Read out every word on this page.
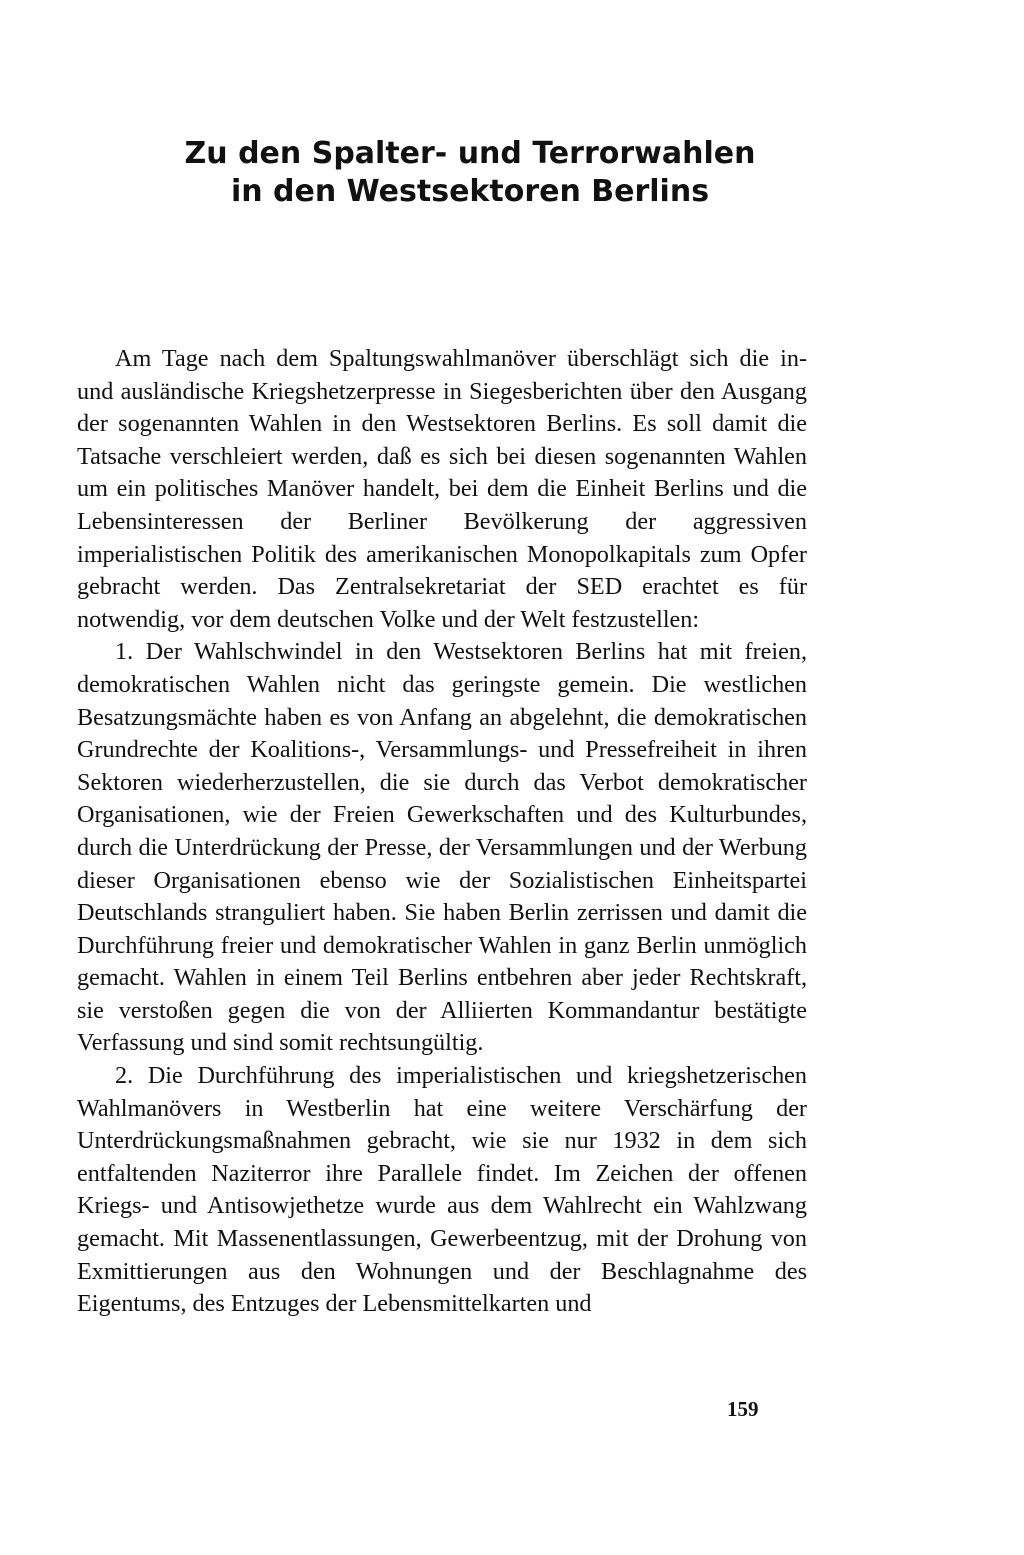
Zu den Spalter- und Terrorwahlen
in den Westsektoren Berlins

Am Tage nach dem Spaltungswahlmanöver überschlägt sich die in- und ausländische Kriegshetzerpresse in Siegesberichten über den Ausgang der sogenannten Wahlen in den Westsektoren Berlins. Es soll damit die Tatsache verschleiert werden, daß es sich bei diesen sogenannten Wahlen um ein politisches Manöver handelt, bei dem die Einheit Berlins und die Lebensinteressen der Berliner Bevölkerung der aggressiven imperialistischen Politik des amerikanischen Monopolkapitals zum Opfer gebracht werden. Das Zentralsekretariat der SED erachtet es für notwendig, vor dem deutschen Volke und der Welt festzustellen:

1. Der Wahlschwindel in den Westsektoren Berlins hat mit freien, demokratischen Wahlen nicht das geringste gemein. Die westlichen Besatzungsmächte haben es von Anfang an abgelehnt, die demokratischen Grundrechte der Koalitions-, Versammlungs- und Pressefreiheit in ihren Sektoren wiederherzustellen, die sie durch das Verbot demokratischer Organisationen, wie der Freien Gewerkschaften und des Kulturbundes, durch die Unterdrückung der Presse, der Versammlungen und der Werbung dieser Organisationen ebenso wie der Sozialistischen Einheitspartei Deutschlands stranguliert haben. Sie haben Berlin zerrissen und damit die Durchführung freier und demokratischer Wahlen in ganz Berlin unmöglich gemacht. Wahlen in einem Teil Berlins entbehren aber jeder Rechtskraft, sie verstoßen gegen die von der Alliierten Kommandantur bestätigte Verfassung und sind somit rechtsungültig.

2. Die Durchführung des imperialistischen und kriegshetzerischen Wahlmanövers in Westberlin hat eine weitere Verschärfung der Unterdrückungsmaßnahmen gebracht, wie sie nur 1932 in dem sich entfaltenden Naziterror ihre Parallele findet. Im Zeichen der offenen Kriegs- und Antisowjethetze wurde aus dem Wahlrecht ein Wahlzwang gemacht. Mit Massenentlassungen, Gewerbeentzug, mit der Drohung von Exmittierungen aus den Wohnungen und der Beschlagnahme des Eigentums, des Entzuges der Lebensmittelkarten und

159
